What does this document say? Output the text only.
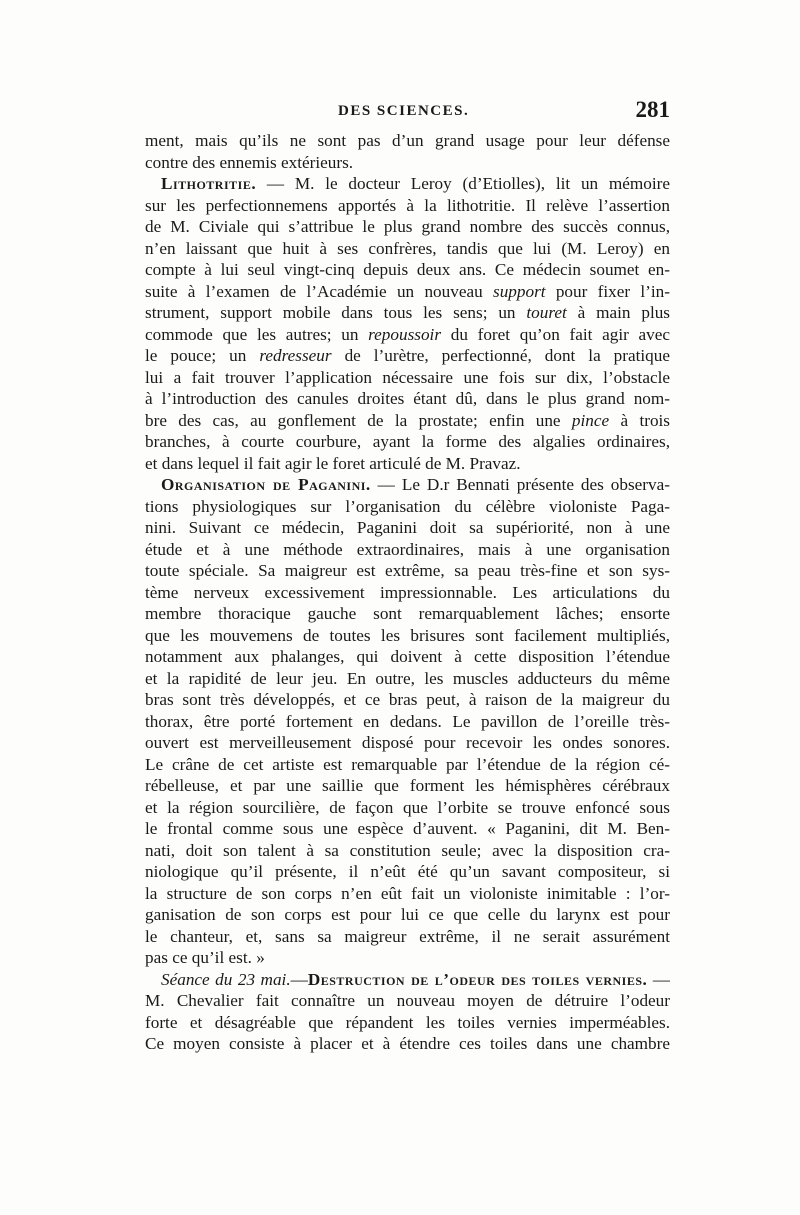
DES SCIENCES.	281
ment, mais qu’ils ne sont pas d’un grand usage pour leur défense
contre des ennemis extérieurs.
Lithotritie. — M. le docteur Leroy (d’Etiolles), lit un mémoire
sur les perfectionnemens apportés à la lithotritie. Il relève l’assertion
de M. Civiale qui s’attribue le plus grand nombre des succès connus,
n’en laissant que huit à ses confrères, tandis que lui (M. Leroy) en
compte à lui seul vingt-cinq depuis deux ans. Ce médecin soumet en-
suite à l’examen de l’Académie un nouveau support pour fixer l’in-
strument, support mobile dans tous les sens; un touret à main plus
commode que les autres; un repoussoir du foret qu’on fait agir avec
le pouce; un redresseur de l’urètre, perfectionné, dont la pratique
lui a fait trouver l’application nécessaire une fois sur dix, l’obstacle
à l’introduction des canules droites étant dû, dans le plus grand nom-
bre des cas, au gonflement de la prostate; enfin une pince à trois
branches, à courte courbure, ayant la forme des algalies ordinaires,
et dans lequel il fait agir le foret articulé de M. Pravaz.
Organisation de Paganini. — Le D.r Bennati présente des observa-
tions physiologiques sur l’organisation du célèbre violoniste Paga-
nini. Suivant ce médecin, Paganini doit sa supériorité, non à une
étude et à une méthode extraordinaires, mais à une organisation
toute spéciale. Sa maigreur est extrême, sa peau très-fine et son sys-
tème nerveux excessivement impressionnable. Les articulations du
membre thoracique gauche sont remarquablement lâches; ensorte
que les mouvemens de toutes les brisures sont facilement multipliés,
notamment aux phalanges, qui doivent à cette disposition l’étendue
et la rapidité de leur jeu. En outre, les muscles adducteurs du même
bras sont très développés, et ce bras peut, à raison de la maigreur du
thorax, être porté fortement en dedans. Le pavillon de l’oreille très-
ouvert est merveilleusement disposé pour recevoir les ondes sonores.
Le crâne de cet artiste est remarquable par l’étendue de la région cé-
rébelleuse, et par une saillie que forment les hémisphères cérébraux
et la région sourcilière, de façon que l’orbite se trouve enfoncé sous
le frontal comme sous une espèce d’auvent. « Paganini, dit M. Ben-
nati, doit son talent à sa constitution seule; avec la disposition cra-
niologique qu’il présente, il n’eût été qu’un savant compositeur, si
la structure de son corps n’en eût fait un violoniste inimitable : l’or-
ganisation de son corps est pour lui ce que celle du larynx est pour
le chanteur, et, sans sa maigreur extrême, il ne serait assurément
pas ce qu’il est. »
Séance du 23 mai.—Destruction de l’odeur des toiles vernies. —
M. Chevalier fait connaître un nouveau moyen de détruire l’odeur
forte et désagréable que répandent les toiles vernies imperméables.
Ce moyen consiste à placer et à étendre ces toiles dans une chambre
